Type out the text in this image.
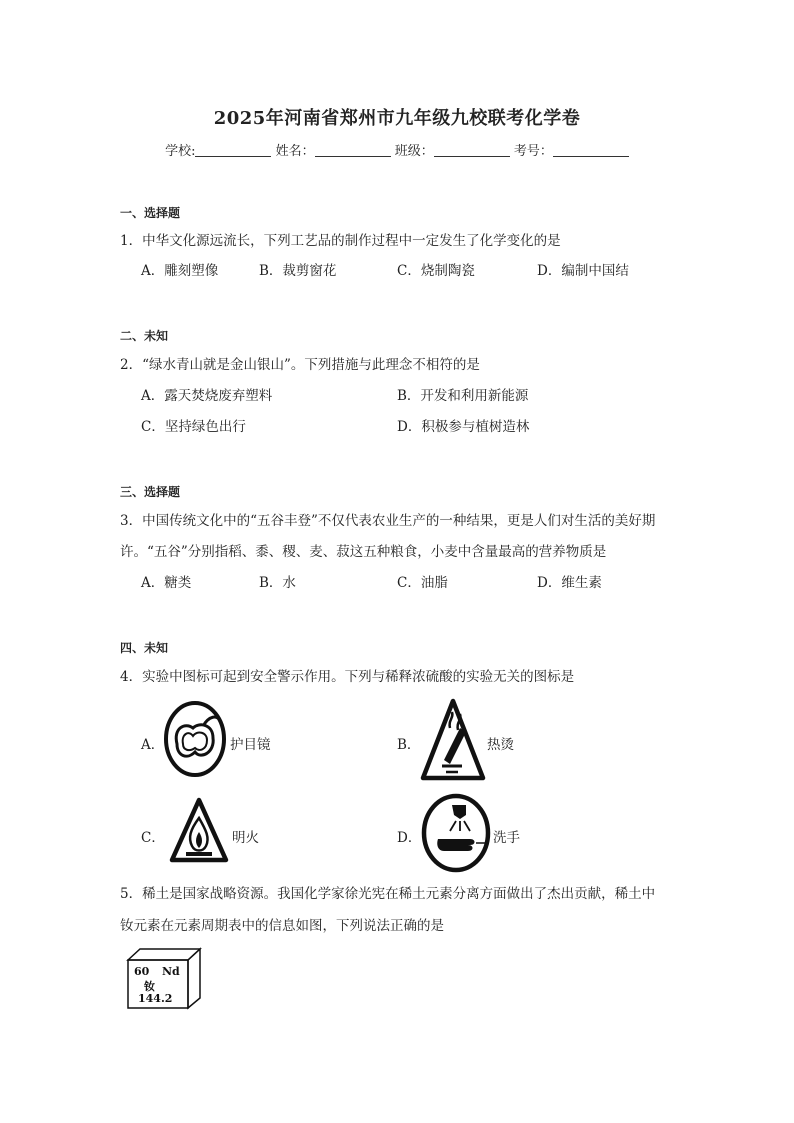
2025年河南省郑州市九年级九校联考化学卷
学校:	姓名：	班级：	考号：
一、选择题
1．中华文化源远流长，下列工艺品的制作过程中一定发生了化学变化的是
A．雕刻塑像	B．裁剪窗花	C．烧制陶瓷	D．编制中国结
二、未知
2．“绿水青山就是金山银山”。下列措施与此理念不相符的是
A．露天焚烧废弃塑料	B．开发和利用新能源
C．坚持绿色出行	D．积极参与植树造林
三、选择题
3．中国传统文化中的“五谷丰登”不仅代表农业生产的一种结果，更是人们对生活的美好期
许。“五谷”分别指稻、黍、稷、麦、菽这五种粮食，小麦中含量最高的营养物质是
A．糖类	B．水	C．油脂	D．维生素
四、未知
4．实验中图标可起到安全警示作用。下列与稀释浓硫酸的实验无关的图标是
A．	护目镜	B．	热烫
C．	明火	D．	洗手
5．稀土是国家战略资源。我国化学家徐光宪在稀土元素分离方面做出了杰出贡献，稀土中
钕元素在元素周期表中的信息如图，下列说法正确的是
60 Nd
钕
144.2
